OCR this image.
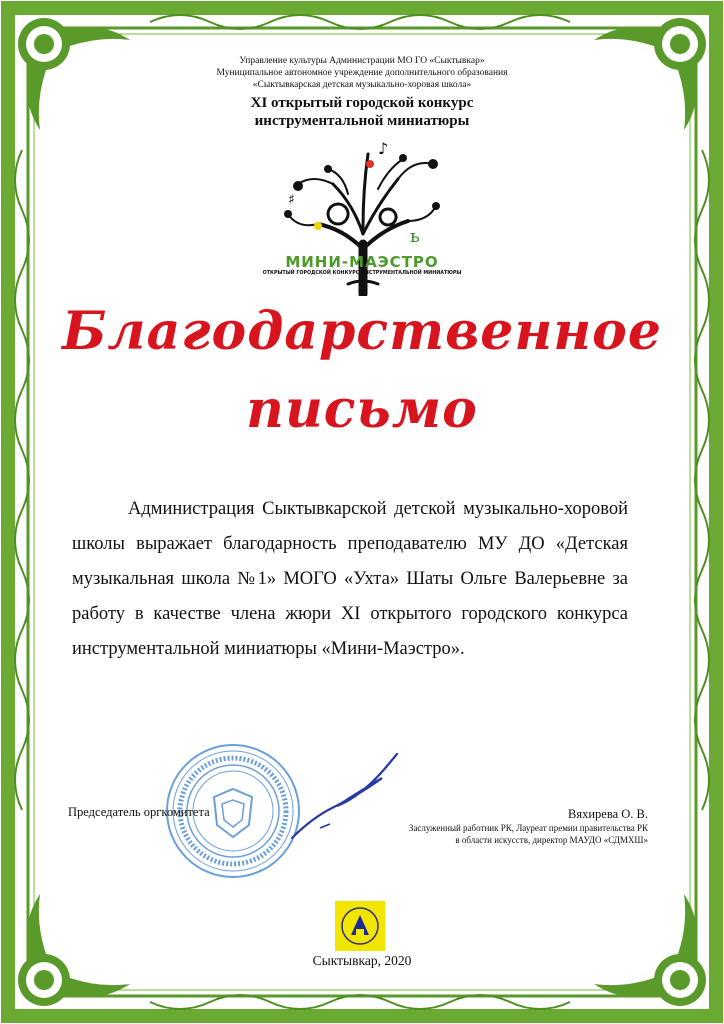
Управление культуры Администрации МО ГО «Сыктывкар»
Муниципальное автономное учреждение дополнительного образования
«Сыктывкарская детская музыкально-хоровая школа»
XI открытый городской конкурс
инструментальной миниатюры
ь
♯
♪
МИНИ-МАЭСТРО
ОТКРЫТЫЙ ГОРОДСКОЙ КОНКУРС ИНСТРУМЕНТАЛЬНОЙ МИНИАТЮРЫ
Благодарственное
письмо
Администрация Сыктывкарской детской музыкально-хоровой школы выражает благодарность преподавателю МУ ДО «Детская музыкальная школа №1» МОГО «Ухта» Шаты Ольге Валерьевне за работу в качестве члена жюри XI открытого городского конкурса инструментальной миниатюры «Мини-Маэстро».
Председатель оргкомитета	Вяхирева О. В.
Заслуженный работник РК, Лауреат премии правительства РК
в области искусств, директор МАУДО «СДМХШ»
Сыктывкар, 2020
